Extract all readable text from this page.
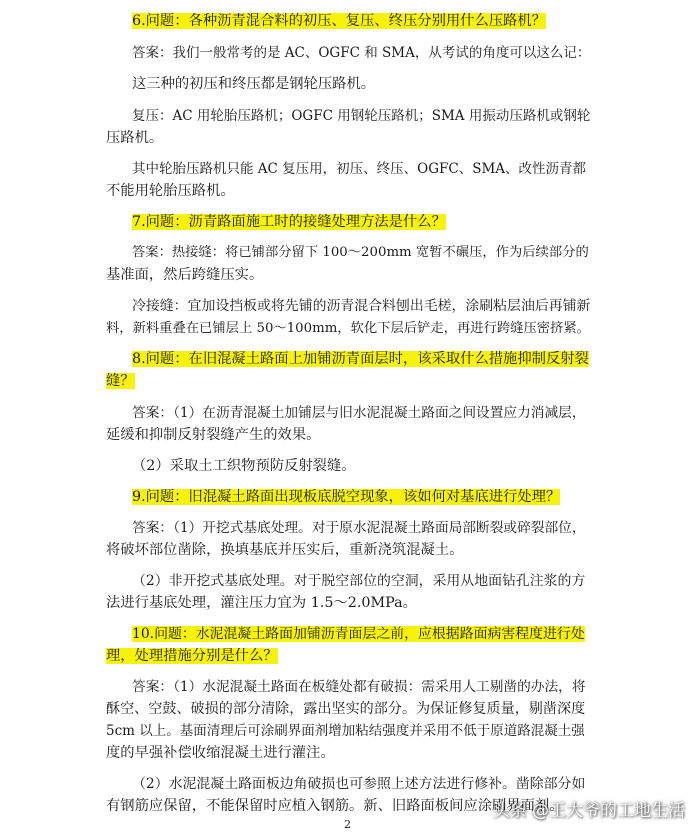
6.问题：各种沥青混合料的初压、复压、终压分别用什么压路机？
答案：我们一般常考的是 AC、OGFC 和 SMA，从考试的角度可以这么记：
这三种的初压和终压都是钢轮压路机。
复压：AC 用轮胎压路机；OGFC 用钢轮压路机；SMA 用振动压路机或钢轮
压路机。
其中轮胎压路机只能 AC 复压用，初压、终压、OGFC、SMA、改性沥青都
不能用轮胎压路机。
7.问题：沥青路面施工时的接缝处理方法是什么？
答案：热接缝：将已铺部分留下 100～200mm 宽暂不碾压，作为后续部分的
基准面，然后跨缝压实。
冷接缝：宜加设挡板或将先铺的沥青混合料刨出毛槎，涂刷粘层油后再铺新
料，新料重叠在已铺层上 50～100mm，软化下层后铲走，再进行跨缝压密挤紧。
8.问题：在旧混凝土路面上加铺沥青面层时，该采取什么措施抑制反射裂
缝？
答案：（1）在沥青混凝土加铺层与旧水泥混凝土路面之间设置应力消减层，
延缓和抑制反射裂缝产生的效果。
（2）采取土工织物预防反射裂缝。
9.问题：旧混凝土路面出现板底脱空现象，该如何对基底进行处理？
答案：（1）开挖式基底处理。对于原水泥混凝土路面局部断裂或碎裂部位，
将破坏部位凿除，换填基底并压实后，重新浇筑混凝土。
（2）非开挖式基底处理。对于脱空部位的空洞，采用从地面钻孔注浆的方
法进行基底处理，灌注压力宜为 1.5～2.0MPa。
10.问题：水泥混凝土路面加铺沥青面层之前，应根据路面病害程度进行处
理，处理措施分别是什么？
答案：（1）水泥混凝土路面在板缝处都有破损：需采用人工剔凿的办法，将
酥空、空鼓、破损的部分清除，露出坚实的部分。为保证修复质量，剔凿深度
5cm 以上。基面清理后可涂刷界面剂增加粘结强度并采用不低于原道路混凝土强
度的早强补偿收缩混凝土进行灌注。
（2）水泥混凝土路面板边角破损也可参照上述方法进行修补。凿除部分如
有钢筋应保留，不能保留时应植入钢筋。新、旧路面板间应涂刷界面剂。
2
头条 @王大爷的工地生活
